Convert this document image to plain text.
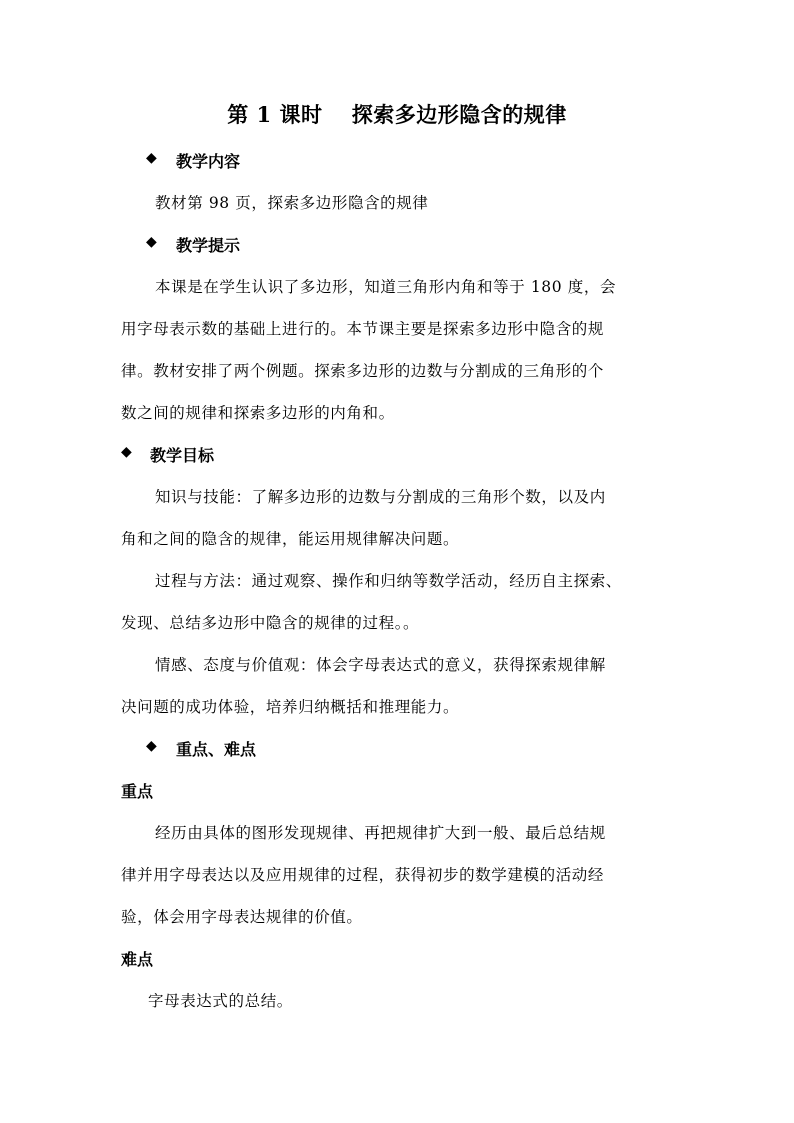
第 1 课时　 探索多边形隐含的规律
◆ 教学内容
教材第 98 页，探索多边形隐含的规律
◆ 教学提示
本课是在学生认识了多边形，知道三角形内角和等于 180 度，会
用字母表示数的基础上进行的。本节课主要是探索多边形中隐含的规
律。教材安排了两个例题。探索多边形的边数与分割成的三角形的个
数之间的规律和探索多边形的内角和。
◆ 教学目标
知识与技能：了解多边形的边数与分割成的三角形个数，以及内
角和之间的隐含的规律，能运用规律解决问题。
过程与方法：通过观察、操作和归纳等数学活动，经历自主探索、
发现、总结多边形中隐含的规律的过程。。
情感、态度与价值观：体会字母表达式的意义，获得探索规律解
决问题的成功体验，培养归纳概括和推理能力。
◆ 重点、难点
重点
经历由具体的图形发现规律、再把规律扩大到一般、最后总结规
律并用字母表达以及应用规律的过程，获得初步的数学建模的活动经
验，体会用字母表达规律的价值。
难点
字母表达式的总结。
